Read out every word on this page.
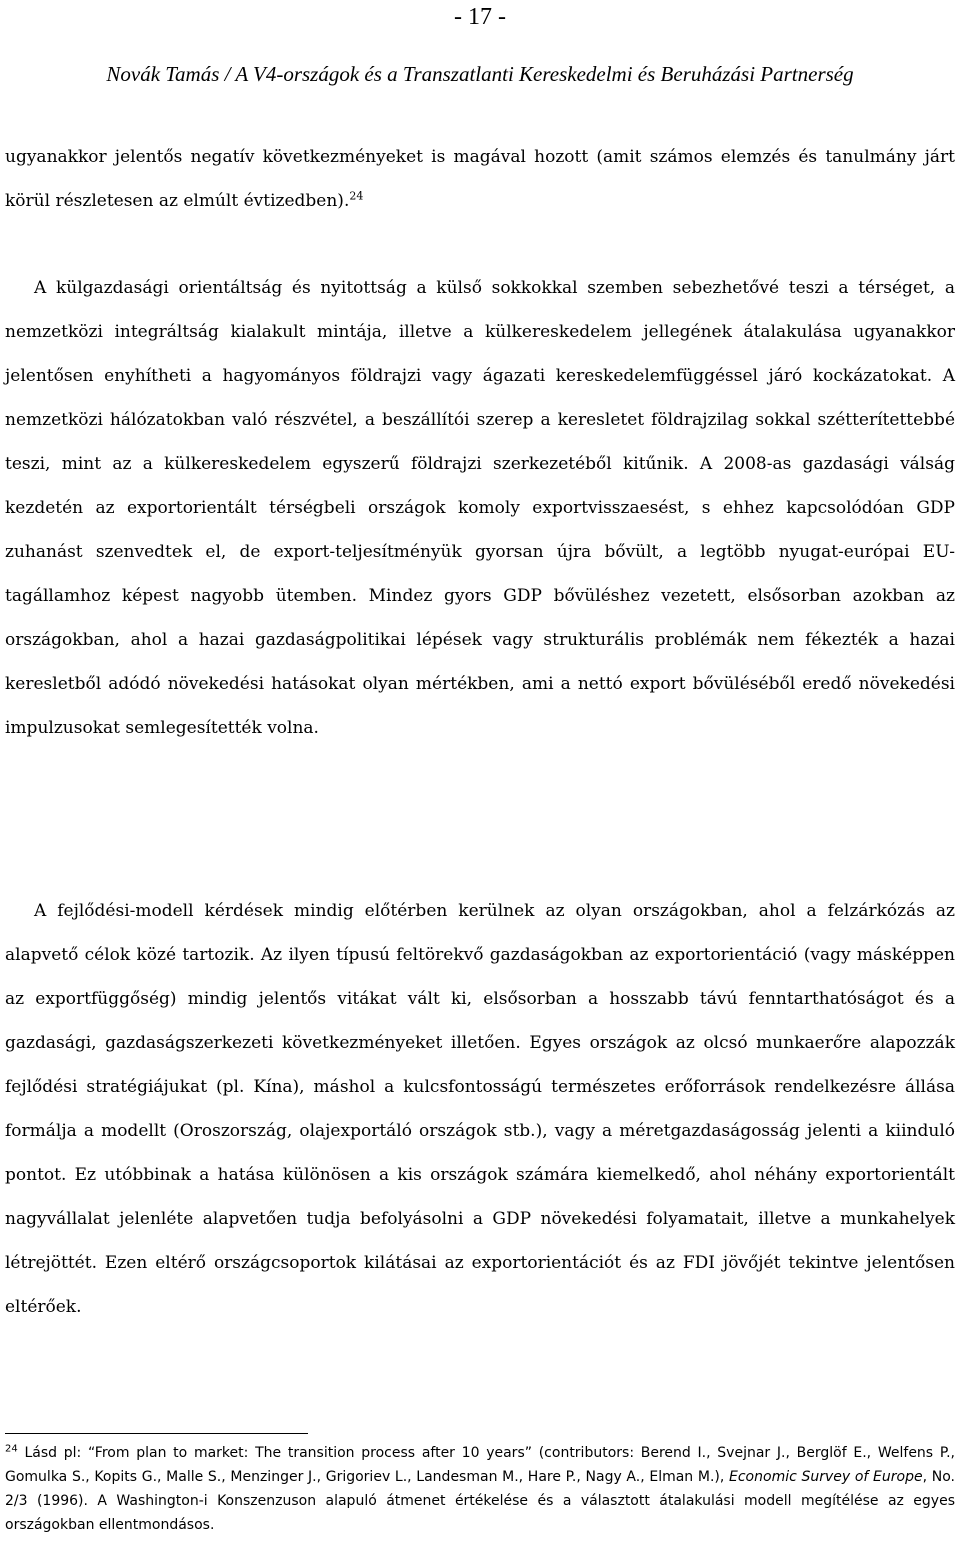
- 17 -
Novák Tamás / A V4-országok és a Transzatlanti Kereskedelmi és Beruházási Partnerség

ugyanakkor jelentős negatív következményeket is magával hozott (amit számos elemzés és tanulmány járt körül részletesen az elmúlt évtizedben).$^{24}$

A külgazdasági orientáltság és nyitottság a külső sokkokkal szemben sebezhetővé teszi a térséget, a nemzetközi integráltság kialakult mintája, illetve a külkereskedelem jellegének átalakulása ugyanakkor jelentősen enyhítheti a hagyományos földrajzi vagy ágazati kereskedelemfüggéssel járó kockázatokat. A nemzetközi hálózatokban való részvétel, a beszállítói szerep a keresletet földrajzilag sokkal szétterítettebbé teszi, mint az a külkereskedelem egyszerű földrajzi szerkezetéből kitűnik. A 2008-as gazdasági válság kezdetén az exportorientált térségbeli országok komoly exportvisszaesést, s ehhez kapcsolódóan GDP zuhanást szenvedtek el, de export-teljesítményük gyorsan újra bővült, a legtöbb nyugat-európai EU-tagállamhoz képest nagyobb ütemben. Mindez gyors GDP bővüléshez vezetett, elsősorban azokban az országokban, ahol a hazai gazdaságpolitikai lépések vagy strukturális problémák nem fékezték a hazai keresletből adódó növekedési hatásokat olyan mértékben, ami a nettó export bővüléséből eredő növekedési impulzusokat semlegesítették volna.

A fejlődési-modell kérdések mindig előtérben kerülnek az olyan országokban, ahol a felzárkózás az alapvető célok közé tartozik. Az ilyen típusú feltörekvő gazdaságokban az exportorientáció (vagy másképpen az exportfüggőség) mindig jelentős vitákat vált ki, elsősorban a hosszabb távú fenntarthatóságot és a gazdasági, gazdaságszerkezeti következményeket illetően. Egyes országok az olcsó munkaerőre alapozzák fejlődési stratégiájukat (pl. Kína), máshol a kulcsfontosságú természetes erőforrások rendelkezésre állása formálja a modellt (Oroszország, olajexportáló országok stb.), vagy a méretgazdaságosság jelenti a kiinduló pontot. Ez utóbbinak a hatása különösen a kis országok számára kiemelkedő, ahol néhány exportorientált nagyvállalat jelenléte alapvetően tudja befolyásolni a GDP növekedési folyamatait, illetve a munkahelyek létrejöttét. Ezen eltérő országcsoportok kilátásai az exportorientációt és az FDI jövőjét tekintve jelentősen eltérőek.

$^{24}$ Lásd pl: “From plan to market: The transition process after 10 years” (contributors: Berend I., Svejnar J., Berglöf E., Welfens P., Gomulka S., Kopits G., Malle S., Menzinger J., Grigoriev L., Landesman M., Hare P., Nagy A., Elman M.), Economic Survey of Europe, No. 2/3 (1996). A Washington-i Konszenzuson alapuló átmenet értékelése és a választott átalakulási modell megítélése az egyes országokban ellentmondásos.
